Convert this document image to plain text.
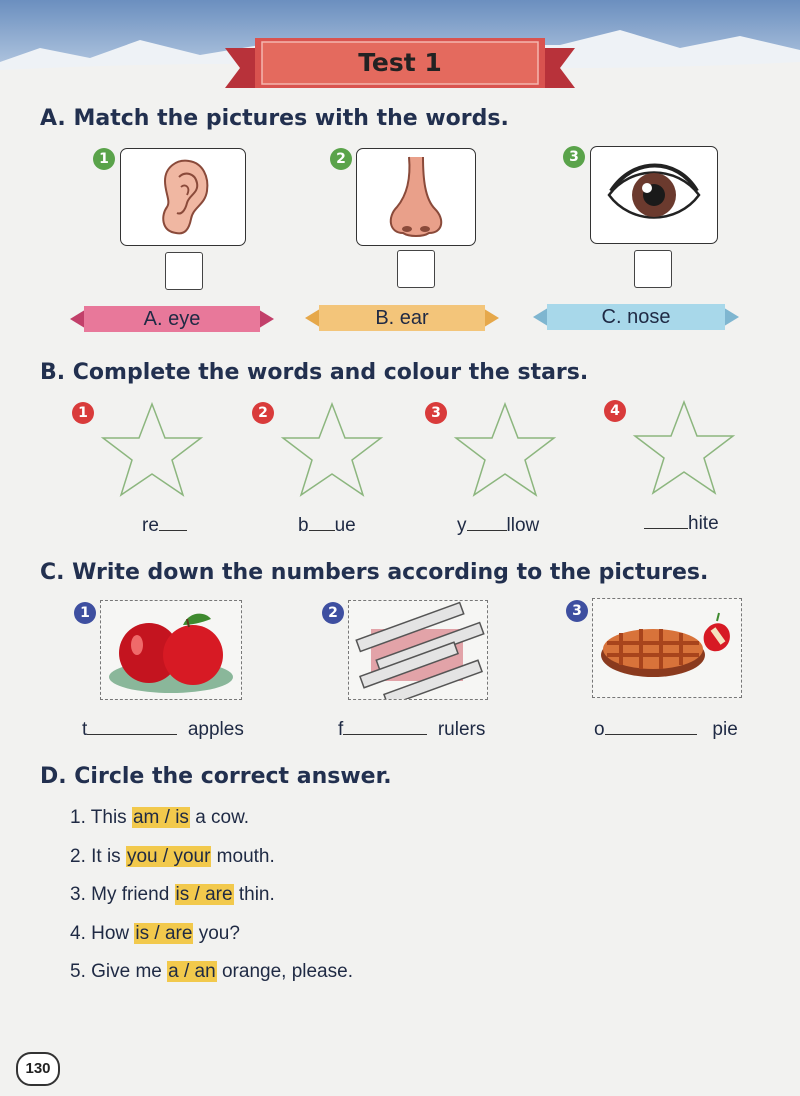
Test 1
A. Match the pictures with the words.
1	2	3
A. eye	B. ear	C. nose
B. Complete the words and colour the stars.
1	2	3	4
re	b ue	y llow	hite
C. Write down the numbers according to the pictures.
1	2	3
t	apples	f	rulers	o	pie
D. Circle the correct answer.
1. This am / is a cow.
2. It is you / your mouth.
3. My friend is / are thin.
4. How is / are you?
5. Give me a / an orange, please.
130
